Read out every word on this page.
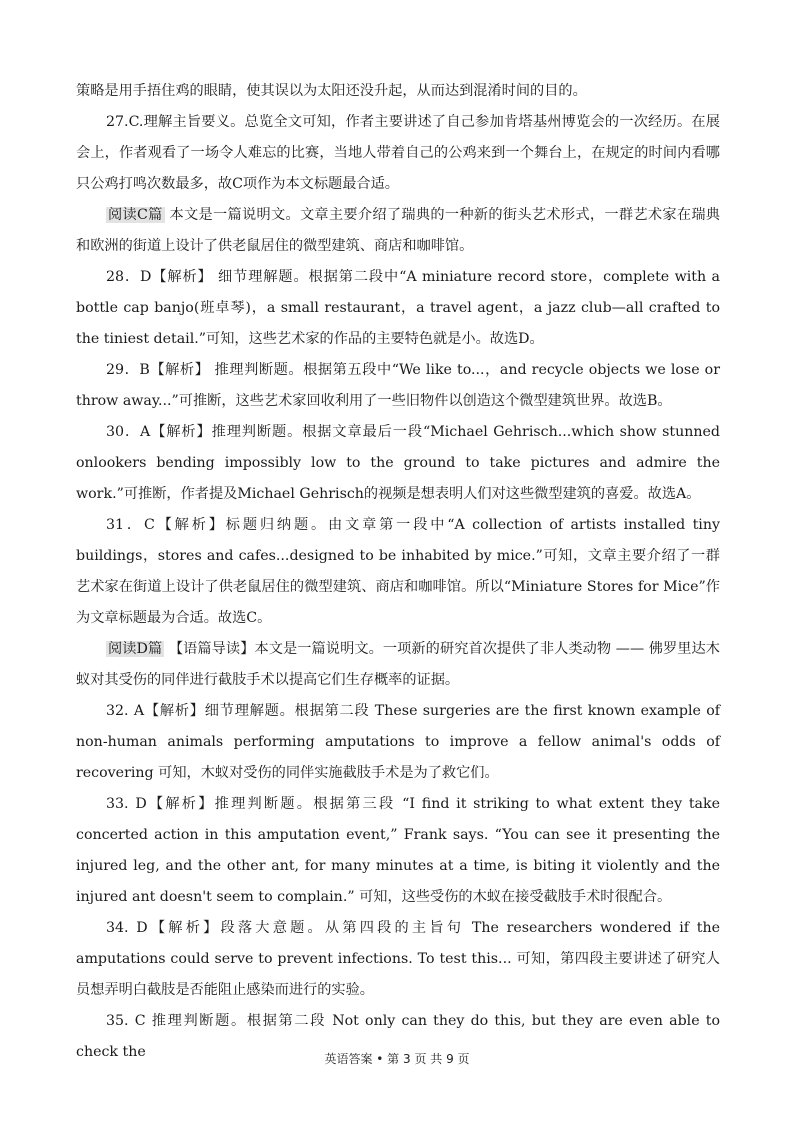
策略是用手捂住鸡的眼睛，使其误以为太阳还没升起，从而达到混淆时间的目的。

27.C.理解主旨要义。总览全文可知，作者主要讲述了自己参加肯塔基州博览会的一次经历。在展会上，作者观看了一场令人难忘的比赛，当地人带着自己的公鸡来到一个舞台上，在规定的时间内看哪只公鸡打鸣次数最多，故C项作为本文标题最合适。

阅读C篇 本文是一篇说明文。文章主要介绍了瑞典的一种新的街头艺术形式，一群艺术家在瑞典和欧洲的街道上设计了供老鼠居住的微型建筑、商店和咖啡馆。

28．D【解析】 细节理解题。根据第二段中“A miniature record store，complete with a bottle cap banjo(班卓琴)，a small restaurant，a travel agent，a jazz club—all crafted to the tiniest detail.”可知，这些艺术家的作品的主要特色就是小。故选D。

29．B【解析】 推理判断题。根据第五段中“We like to...，and recycle objects we lose or throw away...”可推断，这些艺术家回收利用了一些旧物件以创造这个微型建筑世界。故选B。

30．A【解析】推理判断题。根据文章最后一段“Michael Gehrisch...which show stunned onlookers bending impossibly low to the ground to take pictures and admire the work.”可推断，作者提及Michael Gehrisch的视频是想表明人们对这些微型建筑的喜爱。故选A。

31．C【解析】标题归纳题。由文章第一段中“A collection of artists installed tiny buildings，stores and cafes...designed to be inhabited by mice.”可知，文章主要介绍了一群艺术家在街道上设计了供老鼠居住的微型建筑、商店和咖啡馆。所以“Miniature Stores for Mice”作为文章标题最为合适。故选C。

阅读D篇 【语篇导读】本文是一篇说明文。一项新的研究首次提供了非人类动物 —— 佛罗里达木蚁对其受伤的同伴进行截肢手术以提高它们生存概率的证据。

32. A【解析】细节理解题。根据第二段 These surgeries are the first known example of non-human animals performing amputations to improve a fellow animal's odds of recovering 可知，木蚁对受伤的同伴实施截肢手术是为了救它们。

33. D【解析】推理判断题。根据第三段 “I find it striking to what extent they take concerted action in this amputation event,” Frank says. “You can see it presenting the injured leg, and the other ant, for many minutes at a time, is biting it violently and the injured ant doesn't seem to complain.” 可知，这些受伤的木蚁在接受截肢手术时很配合。

34. D【解析】段落大意题。从第四段的主旨句 The researchers wondered if the amputations could serve to prevent infections. To test this... 可知，第四段主要讲述了研究人员想弄明白截肢是否能阻止感染而进行的实验。

35. C 推理判断题。根据第二段 Not only can they do this, but they are even able to check the	英语答案 • 第 3 页 共 9 页
